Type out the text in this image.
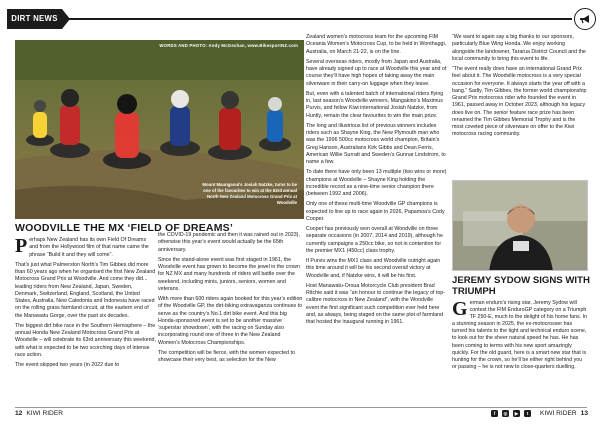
DIRT NEWS
WORDS AND PHOTO: Andy McGechan, www.BikesportNZ.com
Mount Maunganui's Josiah Natzke, turns to be one of the favourites to win at the 63rd annual North New Zealand Motocross Grand Prix at Woodville
WOODVILLE THE MX ‘FIELD OF DREAMS’

Perhaps New Zealand has its own Field Of Dreams and from the Hollywood film of that name came the phrase “Build it and they will come”.

That’s just what Palmerston North’s Tim Gibbes did more than 60 years ago when he organised the first New Zealand Motocross Grand Prix at Woodville. And come they did... leading riders from New Zealand, Japan, Sweden, Denmark, Switzerland, England, Scotland, the United States, Australia, New Caledonia and Indonesia have raced on the rolling grass farmland circuit, at the eastern end of the Manawatu Gorge, over the past six decades.

The biggest dirt bike race in the Southern Hemisphere – the annual Honda New Zealand Motocross Grand Prix at Woodville – will celebrate its 63rd anniversary this weekend, with what is expected to be two scorching days of intense race action.

The event skipped two years (in 2022 due to

the COVID-19 pandemic and then it was rained out in 2023), otherwise this year’s event would actually be the 65th anniversary.

Since the stand-alone event was first staged in 1961, the Woodville event has grown to become the jewel in the crown for NZ MX and many hundreds of riders will battle over the weekend, including minis, juniors, seniors, women and veterans.

With more than 600 riders again booked for this year’s edition of the Woodville GP, the dirt-biking extravaganza continues to serve as the country’s No.1 dirt bike event. And this big Honda-sponsored event is set to be another massive ‘superstar showdown’, with the racing on Sunday also incorporating round one of three in the New Zealand Women’s Motocross Championships.

The competition will be fierce, with the women expected to showcase their very best, as selection for the New

Zealand women’s motocross team for the upcoming FIM Oceania Women’s Motocross Cup, to be held in Wonthaggi, Australia, on March 21-22, is on the line.

Several overseas riders, mostly from Japan and Australia, have already signed up to race at Woodville this year and of course they’ll have high hopes of taking away the main silverware in their carry-on luggage when they leave.

But, even with a talented batch of international riders flying in, last season’s Woodville winners, Mangakino’s Maximus Purvis, and fellow Kiwi international Josiah Natzke, from Huntly, remain the clear favourites to win the main prize.

The long and illustrious list of previous winners includes riders such as Shayne King, the New Plymouth man who was the 1996 500cc motocross world champion, Britain’s Greg Hanson, Australians Kirk Gibbs and Dean Ferris, American Willie Surratt and Sweden’s Gunnar Lindstrom, to name a few.

To date there have only been 13 multiple (two wins or more) champions at Woodville – Shayne King holding the incredible record as a nine-time senior champion there (between 1992 and 2006).

Only one of these multi-time Woodville GP champions is expected to line up to race again in 2026, Papamoa’s Cody Cooper.

Cooper has previously won overall at Woodville on three separate occasions (in 2007, 2014 and 2019), although he currently campaigns a 250cc bike, so not in contention for the premier MX1 (450cc) class trophy.

If Purvis wins the MX1 class and Woodville outright again this time around it will be his second overall victory at Woodville and, if Natzke wins, it will be his first.

Host Manawatu-Oroua Motorcycle Club president Brad Ritchie said it was “an honour to continue the legacy of top-calibre motocross in New Zealand”, with the Woodville event the first significant such competition ever held here and, as always, being staged on the same plot of farmland that hosted the inaugural running in 1961.

“We want to again say a big thanks to our sponsors, particularly Blue Wing Honda. We enjoy working alongside the landowner, Tararua District Council and the local community to bring this event to life.

“The event really does have an international Grand Prix feel about it. The Woodville motocross is a very special occasion for everyone. It always starts the year off with a bang.” Sadly, Tim Gibbes, the former world championship Grand Prix motocross rider who founded the event in 1961, passed away in October 2023, although his legacy does live on. The senior feature race prize has been renamed the Tim Gibbes Memorial Trophy and is the most coveted piece of silverware on offer to the Kiwi motocross racing community.

JEREMY SYDOW SIGNS WITH TRIUMPH
German enduro’s rising star, Jeremy Sydow will contest the FIM EnduroGP category on a Triumph TF 250-E, much to the delight of his home fans. In a stunning season in 2025, the ex-motocrosser has turned his talents to the tight and technical enduro scene, to look out for the sheer natural speed he has. He has been coming to terms with his new sport amazingly quickly. For the old guard, here is a smart new star that is hunting for the crown, so he’ll be either right behind you or passing – he is not new to close-quarters duelling.
12 KIWI RIDER	f	◎	▶	t	KIWI RIDER 13
